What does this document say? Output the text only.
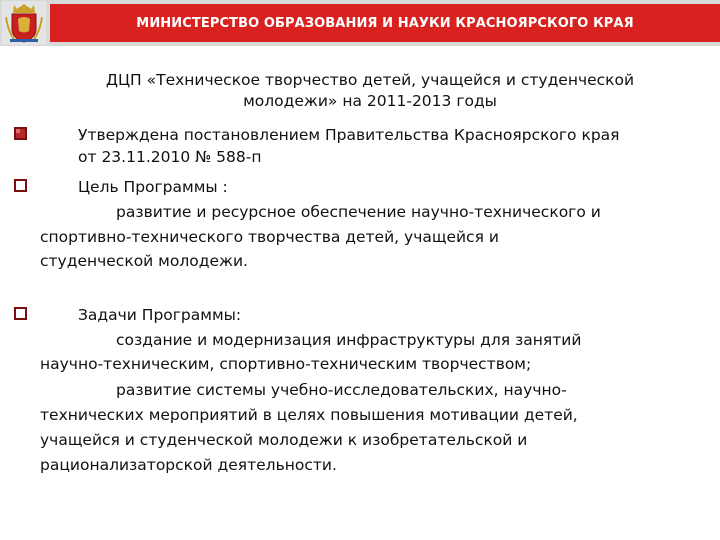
МИНИСТЕРСТВО ОБРАЗОВАНИЯ И НАУКИ КРАСНОЯРСКОГО КРАЯ
ДЦП «Техническое творчество детей, учащейся и студенческой
молодежи» на 2011-2013 годы
Утверждена постановлением Правительства Красноярского края
от 23.11.2010 № 588-п
Цель Программы :
развитие и ресурсное обеспечение научно-технического и
спортивно-технического творчества детей, учащейся и
студенческой молодежи.
Задачи Программы:
создание и модернизация инфраструктуры для занятий
научно-техническим, спортивно-техническим творчеством;
развитие системы учебно-исследовательских, научно-
технических мероприятий в целях повышения мотивации детей,
учащейся и студенческой молодежи к изобретательской и
рационализаторской деятельности.
